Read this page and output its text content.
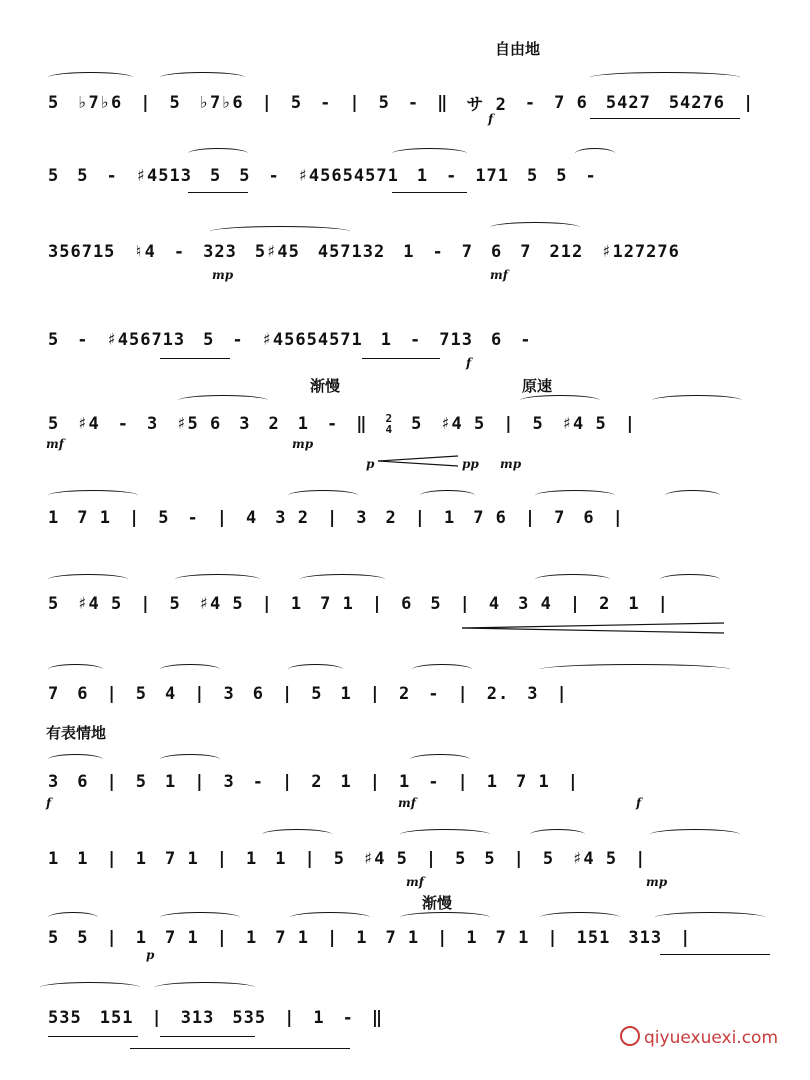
自由地
5 ♭7♭6 | 5 ♭7♭6 | 5 - | 5 - ‖ サ 2 - 7 6 5427 54276 |
f
5 5 - ♯4513 5 5 - ♯45654571 1 - 171 5 5 -
356715 ♮4 - 323 5♯45 457132 1 - 7 6 7 212 ♯127276
mp	mf
5 - ♯456713 5 - ♯45654571 1 - 713 6 -
f
渐慢	原速
5 ♯4 - 3 ♯5 6 3 2 1 - ‖ 2
4 5 ♯4 5 | 5 ♯4 5 |
mf	mp
p	pp mp
1 7 1 | 5 - | 4 3 2 | 3 2 | 1 7 6 | 7 6 |
5 ♯4 5 | 5 ♯4 5 | 1 7 1 | 6 5 | 4 3 4 | 2 1 |
7 6 | 5 4 | 3 6 | 5 1 | 2 - | 2. 3 |
有表情地
3 6 | 5 1 | 3 - | 2 1 | 1 - | 1 7 1 |
f	mf	f
1 1 | 1 7 1 | 1 1 | 5 ♯4 5 | 5 5 | 5 ♯4 5 |
mf	mp
渐慢
5 5 | 1 7 1 | 1 7 1 | 1 7 1 | 1 7 1 | 151 313 |
p
535 151 | 313 535 | 1 - ‖
qiyuexuexi.com
